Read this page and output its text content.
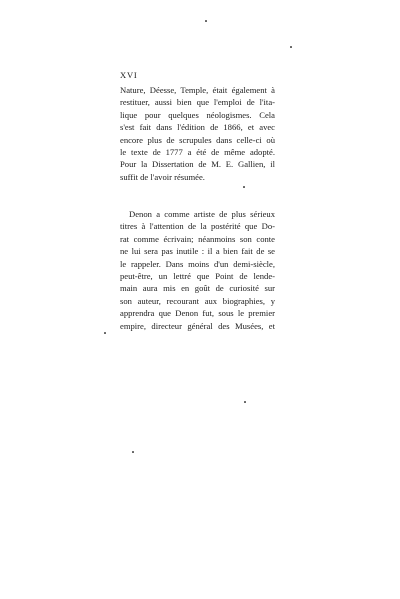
XVI

Nature, Déesse, Temple, était également à
restituer, aussi bien que l'emploi de l'ita-
lique pour quelques néologismes. Cela
s'est fait dans l'édition de 1866, et avec
encore plus de scrupules dans celle-ci où
le texte de 1777 a été de même adopté.
Pour la Dissertation de M. E. Gallien, il
suffit de l'avoir résumée.
Denon a comme artiste de plus sérieux
titres à l'attention de la postérité que Do-
rat comme écrivain; néanmoins son conte
ne lui sera pas inutile : il a bien fait de se
le rappeler. Dans moins d'un demi-siècle,
peut-être, un lettré que Point de lende-
main aura mis en goût de curiosité sur
son auteur, recourant aux biographies, y
apprendra que Denon fut, sous le premier
empire, directeur général des Musées, et
